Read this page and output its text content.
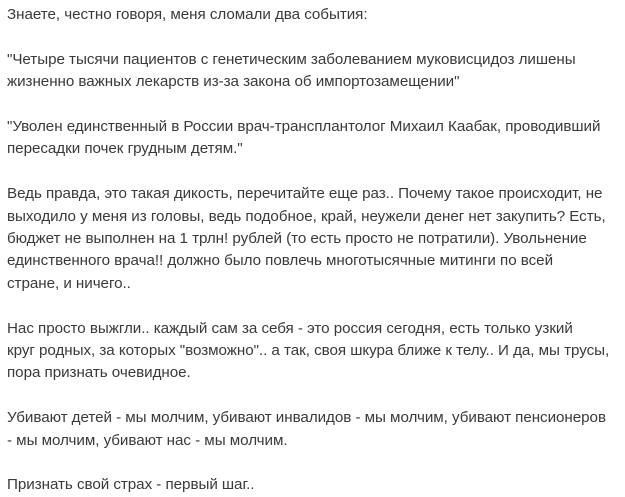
Знаете, честно говоря, меня сломали два события:

"Четыре тысячи пациентов с генетическим заболеванием муковисцидоз лишены
жизненно важных лекарств из-за закона об импортозамещении"

"Уволен единственный в России врач-трансплантолог Михаил Каабак, проводивший
пересадки почек грудным детям."

Ведь правда, это такая дикость, перечитайте еще раз.. Почему такое происходит, не
выходило у меня из головы, ведь подобное, край, неужели денег нет закупить? Есть,
бюджет не выполнен на 1 трлн! рублей (то есть просто не потратили). Увольнение
единственного врача!! должно было повлечь многотысячные митинги по всей
стране, и ничего..

Нас просто выжгли.. каждый сам за себя - это россия сегодня, есть только узкий
круг родных, за которых "возможно".. а так, своя шкура ближе к телу.. И да, мы трусы,
пора признать очевидное.

Убивают детей - мы молчим, убивают инвалидов - мы молчим, убивают пенсионеров
- мы молчим, убивают нас - мы молчим.

Признать свой страх - первый шаг..
